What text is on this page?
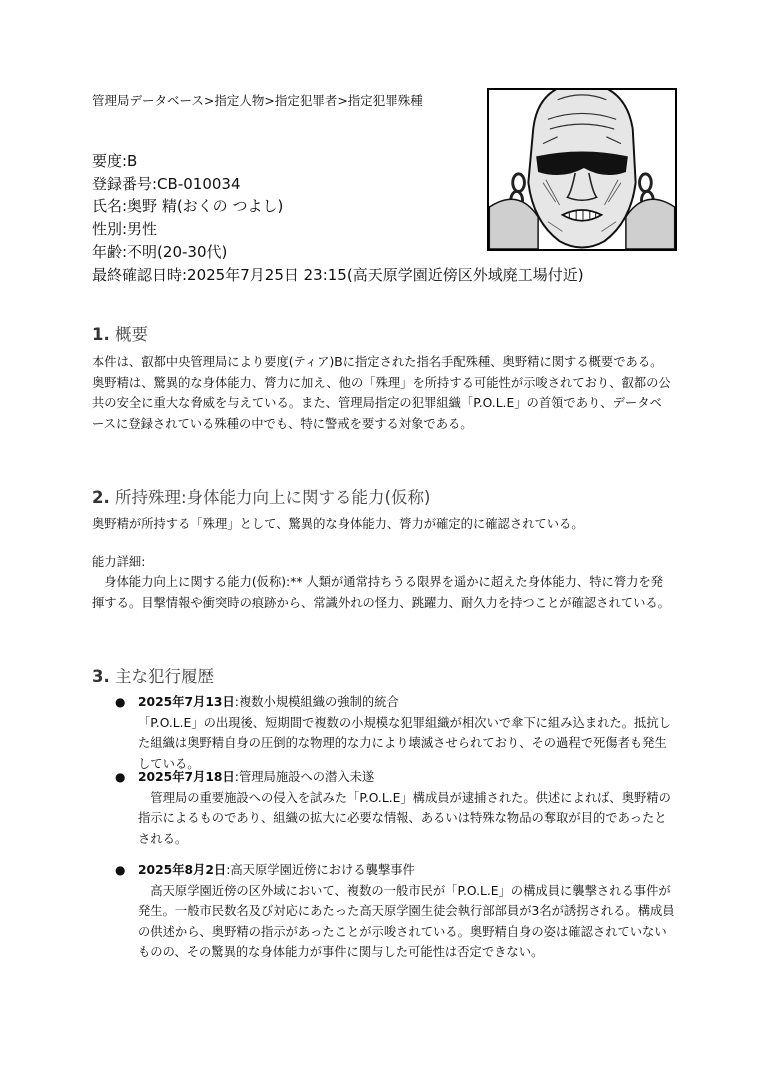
管理局データベース>指定人物>指定犯罪者>指定犯罪殊種
要度:B
登録番号:CB-010034
氏名:奥野 精(おくの つよし)
性別:男性
年齢:不明(20-30代)
最終確認日時:2025年7月25日 23:15(高天原学園近傍区外域廃工場付近)
1. 概要
本件は、叡都中央管理局により要度(ティア)Bに指定された指名手配殊種、奥野精に関する概要である。奥野精は、驚異的な身体能力、膂力に加え、他の「殊理」を所持する可能性が示唆されており、叡都の公共の安全に重大な脅威を与えている。また、管理局指定の犯罪組織「P.O.L.E」の首領であり、データベースに登録されている殊種の中でも、特に警戒を要する対象である。
2. 所持殊理:身体能力向上に関する能力(仮称)
奥野精が所持する「殊理」として、驚異的な身体能力、膂力が確定的に確認されている。
能力詳細:
　身体能力向上に関する能力(仮称):** 人類が通常持ちうる限界を遥かに超えた身体能力、特に膂力を発揮する。目撃情報や衝突時の痕跡から、常識外れの怪力、跳躍力、耐久力を持つことが確認されている。
3. 主な犯行履歴
● 2025年7月13日:複数小規模組織の強制的統合
「P.O.L.E」の出現後、短期間で複数の小規模な犯罪組織が相次いで傘下に組み込まれた。抵抗した組織は奥野精自身の圧倒的な物理的な力により壊滅させられており、その過程で死傷者も発生している。
● 2025年7月18日:管理局施設への潜入未遂
　管理局の重要施設への侵入を試みた「P.O.L.E」構成員が逮捕された。供述によれば、奥野精の指示によるものであり、組織の拡大に必要な情報、あるいは特殊な物品の奪取が目的であったとされる。
● 2025年8月2日:高天原学園近傍における襲撃事件
　高天原学園近傍の区外域において、複数の一般市民が「P.O.L.E」の構成員に襲撃される事件が発生。一般市民数名及び対応にあたった高天原学園生徒会執行部部員が3名が誘拐される。構成員の供述から、奥野精の指示があったことが示唆されている。奥野精自身の姿は確認されていないものの、その驚異的な身体能力が事件に関与した可能性は否定できない。
